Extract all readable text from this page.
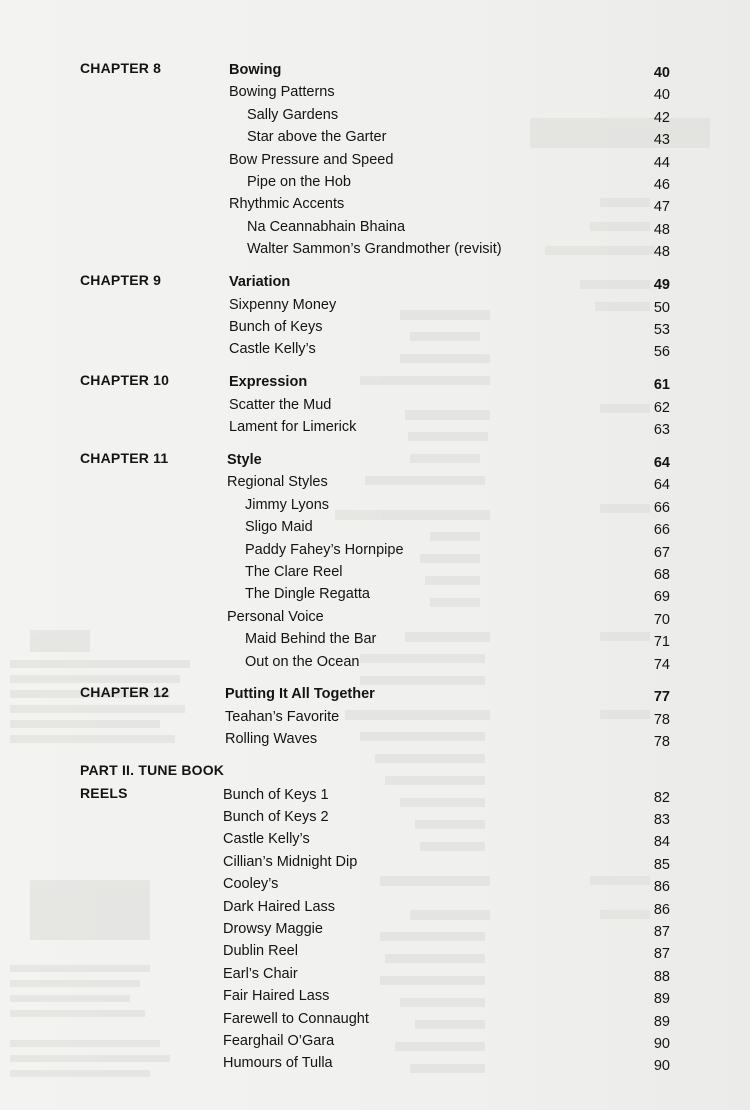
CHAPTER 8	Bowing	40
Bowing Patterns	40
Sally Gardens	42
Star above the Garter	43
Bow Pressure and Speed	44
Pipe on the Hob	46
Rhythmic Accents	47
Na Ceannabhain Bhaina	48
Walter Sammon’s Grandmother (revisit)	48
CHAPTER 9	Variation	49
Sixpenny Money	50
Bunch of Keys	53
Castle Kelly’s	56
CHAPTER 10	Expression	61
Scatter the Mud	62
Lament for Limerick	63
CHAPTER 11	Style	64
Regional Styles	64
Jimmy Lyons	66
Sligo Maid	66
Paddy Fahey’s Hornpipe	67
The Clare Reel	68
The Dingle Regatta	69
Personal Voice	70
Maid Behind the Bar	71
Out on the Ocean	74
CHAPTER 12	Putting It All Together	77
Teahan’s Favorite	78
Rolling Waves	78
PART II. TUNE BOOK
REELS	Bunch of Keys 1	82
Bunch of Keys 2	83
Castle Kelly’s	84
Cillian’s Midnight Dip	85
Cooley’s	86
Dark Haired Lass	86
Drowsy Maggie	87
Dublin Reel	87
Earl’s Chair	88
Fair Haired Lass	89
Farewell to Connaught	89
Fearghail O’Gara	90
Humours of Tulla	90
